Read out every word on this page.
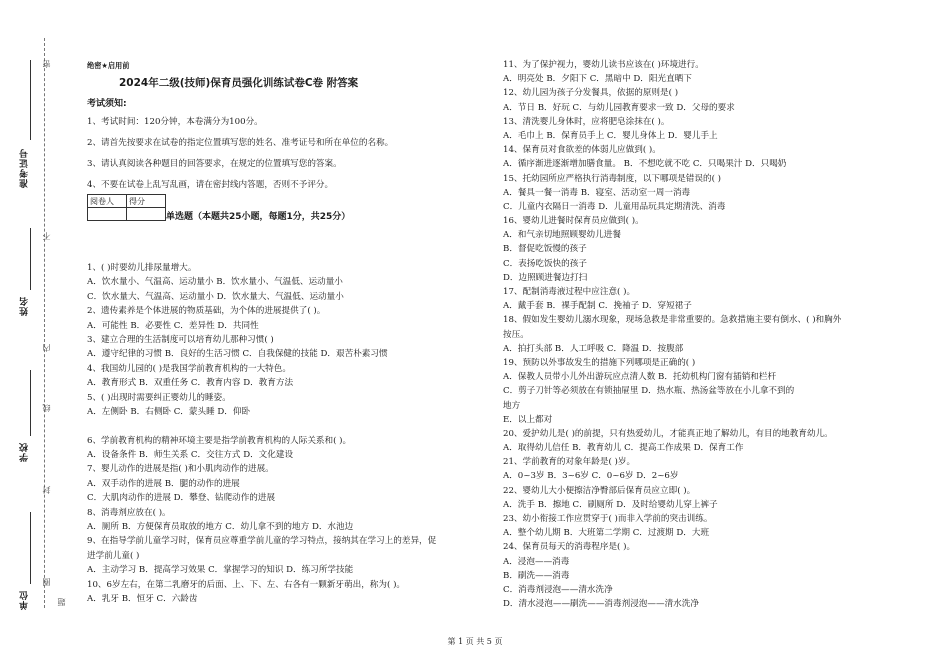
密
不
内
线
封
圈
题
准考证号
姓名
学校
单位
绝密★启用前
2024年二级(技师)保育员强化训练试卷C卷 附答案
考试须知:
1、考试时间：120分钟，本卷满分为100分。
2、请首先按要求在试卷的指定位置填写您的姓名、准考证号和所在单位的名称。
3、请认真阅读各种题目的回答要求，在规定的位置填写您的答案。
4、不要在试卷上乱写乱画，请在密封线内答题，否则不予评分。
阅卷人	得分

单选题（本题共25小题，每题1分，共25分）
1、( )时要幼儿排尿量增大。
A．饮水量小、气温高、运动量小 B．饮水量小、气温低、运动量小
C．饮水量大、气温高、运动量小 D．饮水量大、气温低、运动量小
2、遗传素养是个体进展的物质基础，为个体的进展提供了( )。
A．可能性 B．必要性 C．差异性 D．共同性
3、建立合理的生活制度可以培育幼儿那种习惯( )
A．遵守纪律的习惯 B．良好的生活习惯 C．自我保健的技能 D．艰苦朴素习惯
4、我国幼儿园的( )是我国学前教育机构的一大特色。
A．教育形式 B．双重任务 C．教育内容 D．教育方法
5、( )出现时需要纠正婴幼儿的睡姿。
A．左侧卧 B．右侧卧 C．蒙头睡 D．仰卧
6、学前教育机构的精神环境主要是指学前教育机构的人际关系和( )。
A．设备条件 B．师生关系 C．交往方式 D．文化建设
7、婴儿动作的进展是指( )和小肌肉动作的进展。
A．双手动作的进展 B．腿的动作的进展
C．大肌肉动作的进展 D．攀登、钻爬动作的进展
8、消毒剂应放在( )。
A．厕所 B．方便保育员取放的地方 C．幼儿拿不到的地方 D．水池边
9、在指导学前儿童学习时，保育员应尊重学前儿童的学习特点，接纳其在学习上的差异，促
进学前儿童( )
A．主动学习 B．提高学习效果 C．掌握学习的知识 D．练习所学技能
10、6岁左右，在第二乳磨牙的后面、上、下、左、右各有一颗新牙萌出，称为( )。
A．乳牙 B．恒牙 C．六龄齿
11、为了保护视力，婴幼儿读书应该在( )环境进行。
A．明亮处 B．夕阳下 C．黑暗中 D．阳光直晒下
12、幼儿园为孩子分发餐具，依据的原则是( )
A．节日 B．好玩 C．与幼儿园教育要求一致 D．父母的要求
13、清洗婴儿身体时，应将肥皂涂抹在( )。
A．毛巾上 B．保育员手上 C．婴儿身体上 D．婴儿手上
14、保育员对食欲差的体弱儿应做到( )。
A．循序渐进逐渐增加膳食量。 B．不想吃就不吃 C．只喝果汁 D．只喝奶
15、托幼园所应严格执行消毒制度，以下哪项是错误的( )
A．餐具一餐一消毒 B．寝室、活动室一周一消毒
C．儿童内衣隔日一消毒 D．儿童用品玩具定期清洗、消毒
16、婴幼儿进餐时保育员应做到( )。
A．和气亲切地照顾婴幼儿进餐
B．督促吃饭慢的孩子
C．表扬吃饭快的孩子
D．边照顾进餐边打扫
17、配制消毒液过程中应注意( )。
A．戴手套 B．裸手配制 C．挽袖子 D．穿短裙子
18、假如发生婴幼儿溺水现象，现场急救是非常重要的。急救措施主要有倒水、( )和胸外
按压。
A．拍打头部 B．人工呼吸 C．降温 D．按腹部
19、预防以外事故发生的措施下列哪项是正确的( )
A．保教人员带小儿外出游玩应点清人数 B．托幼机构门窗有插销和栏杆
C．剪子刀针等必须放在有锁抽屉里 D．热水瓶、热汤盆等放在小儿拿不到的
地方
E．以上都对
20、爱护幼儿是( )的前提，只有热爱幼儿，才能真正地了解幼儿，有目的地教育幼儿。
A．取得幼儿信任 B．教育幼儿 C．提高工作成果 D．保育工作
21、学前教育的对象年龄是( )岁。
A．0~3岁 B．3~6岁 C．0~6岁 D．2~6岁
22、婴幼儿大小便擦洁净臀部后保育员应立即( )。
A．洗手 B．擦地 C．刷厕所 D．及时给婴幼儿穿上裤子
23、幼小衔接工作应贯穿于( )而非入学前的突击训练。
A．整个幼儿期 B．大班第二学期 C．过渡期 D．大班
24、保育员每天的消毒程序是( )。
A．浸泡——消毒
B．刷洗——消毒
C．消毒剂浸泡——清水洗净
D．清水浸泡——刷洗——消毒剂浸泡——清水洗净
第 1 页 共 5 页
